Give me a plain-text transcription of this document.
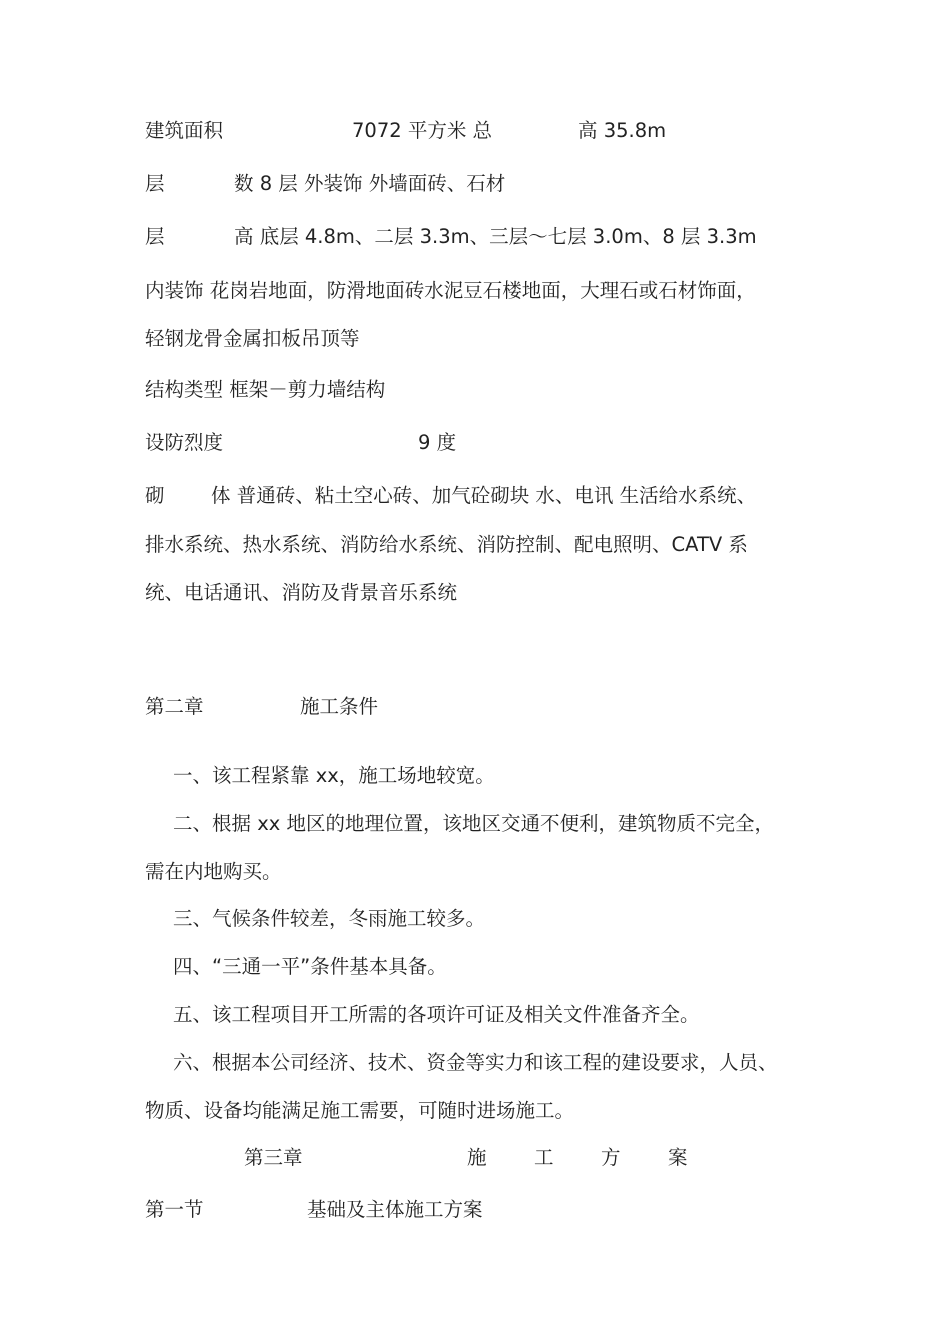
建筑面积	7072 平方米 总	高 35.8m
层	数 8 层 外装饰 外墙面砖、石材
层	高 底层 4.8m、二层 3.3m、三层～七层 3.0m、8 层 3.3m
内装饰 花岗岩地面，防滑地面砖水泥豆石楼地面，大理石或石材饰面，
轻钢龙骨金属扣板吊顶等
结构类型 框架－剪力墙结构
设防烈度	9 度
砌 体 普通砖、粘土空心砖、加气砼砌块 水、电讯 生活给水系统、
排水系统、热水系统、消防给水系统、消防控制、配电照明、CATV 系
统、电话通讯、消防及背景音乐系统
第二章	施工条件
一、该工程紧靠 xx，施工场地较宽。
二、根据 xx 地区的地理位置，该地区交通不便利，建筑物质不完全，
需在内地购买。
三、气候条件较差，冬雨施工较多。
四、“三通一平”条件基本具备。
五、该工程项目开工所需的各项许可证及相关文件准备齐全。
六、根据本公司经济、技术、资金等实力和该工程的建设要求，人员、
物质、设备均能满足施工需要，可随时进场施工。
第三章	施 工 方 案
第一节	基础及主体施工方案
